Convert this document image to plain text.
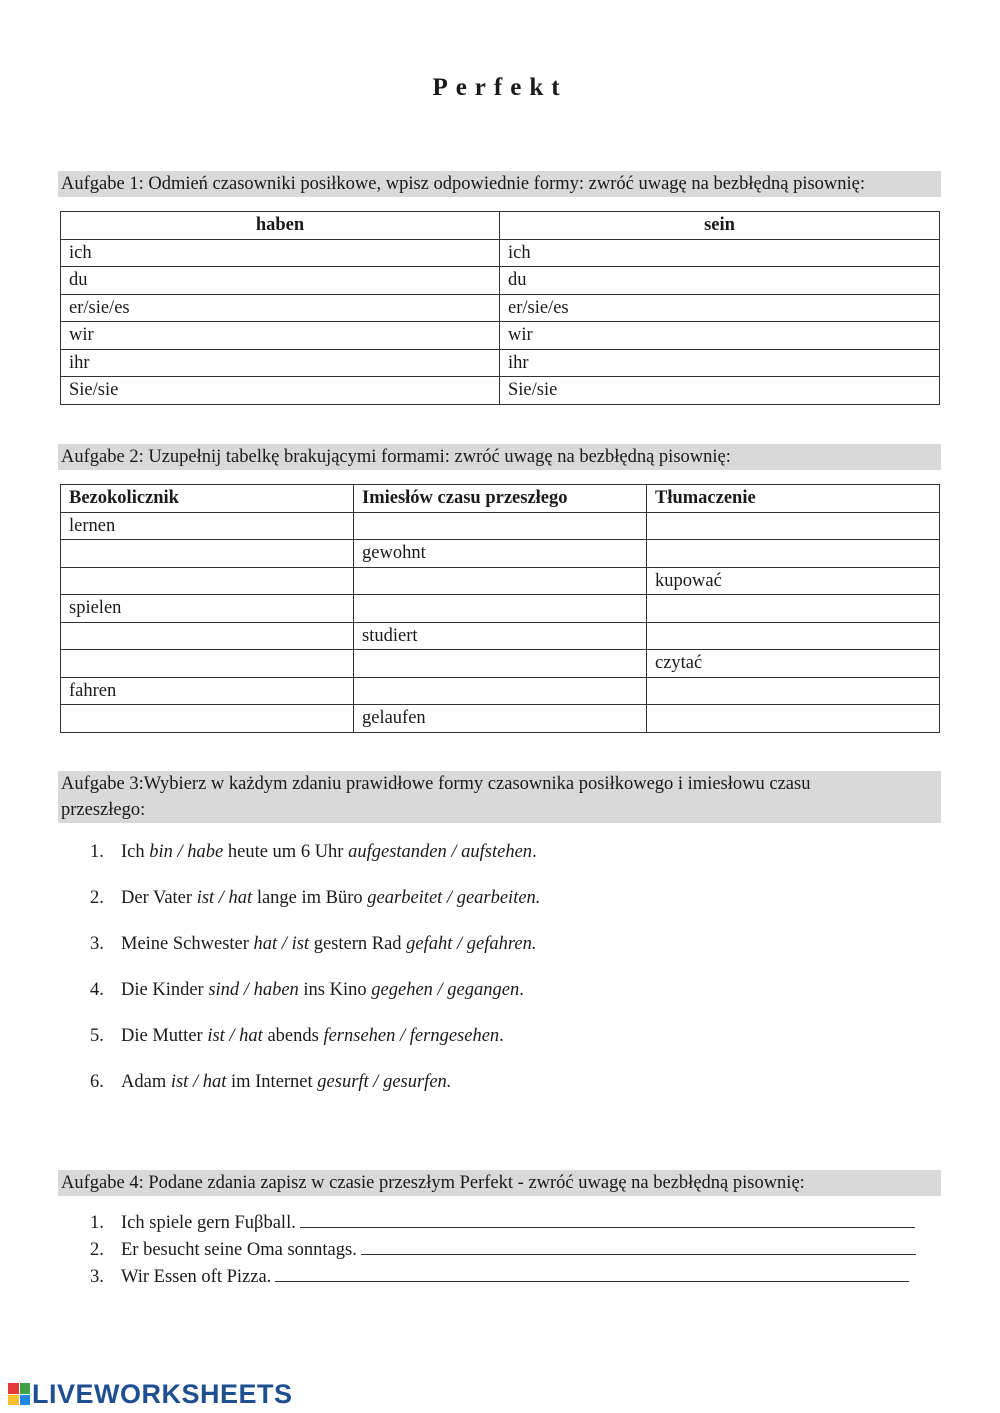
Perfekt
Aufgabe 1: Odmień czasowniki posiłkowe, wpisz odpowiednie formy: zwróć uwagę na bezbłędną pisownię:
haben	sein
ich	ich
du	du
er/sie/es	er/sie/es
wir	wir
ihr	ihr
Sie/sie	Sie/sie
Aufgabe 2: Uzupełnij tabelkę brakującymi formami: zwróć uwagę na bezbłędną pisownię:
Bezokolicznik	Imiesłów czasu przeszłego	Tłumaczenie
lernen		
	gewohnt	
		kupować
spielen		
	studiert	
		czytać
fahren		
	gelaufen	
Aufgabe 3:Wybierz w każdym zdaniu prawidłowe formy czasownika posiłkowego i imiesłowu czasu
przeszłego:
1. Ich bin / habe heute um 6 Uhr aufgestanden / aufstehen.
2. Der Vater ist / hat lange im Büro gearbeitet / gearbeiten.
3. Meine Schwester hat / ist gestern Rad gefaht / gefahren.
4. Die Kinder sind / haben ins Kino gegehen / gegangen.
5. Die Mutter ist / hat abends fernsehen / ferngesehen.
6. Adam ist / hat im Internet gesurft / gesurfen.
Aufgabe 4: Podane zdania zapisz w czasie przeszłym Perfekt - zwróć uwagę na bezbłędną pisownię:
1. Ich spiele gern Fuβball.
2. Er besucht seine Oma sonntags.
3. Wir Essen oft Pizza.
LIVEWORKSHEETS
